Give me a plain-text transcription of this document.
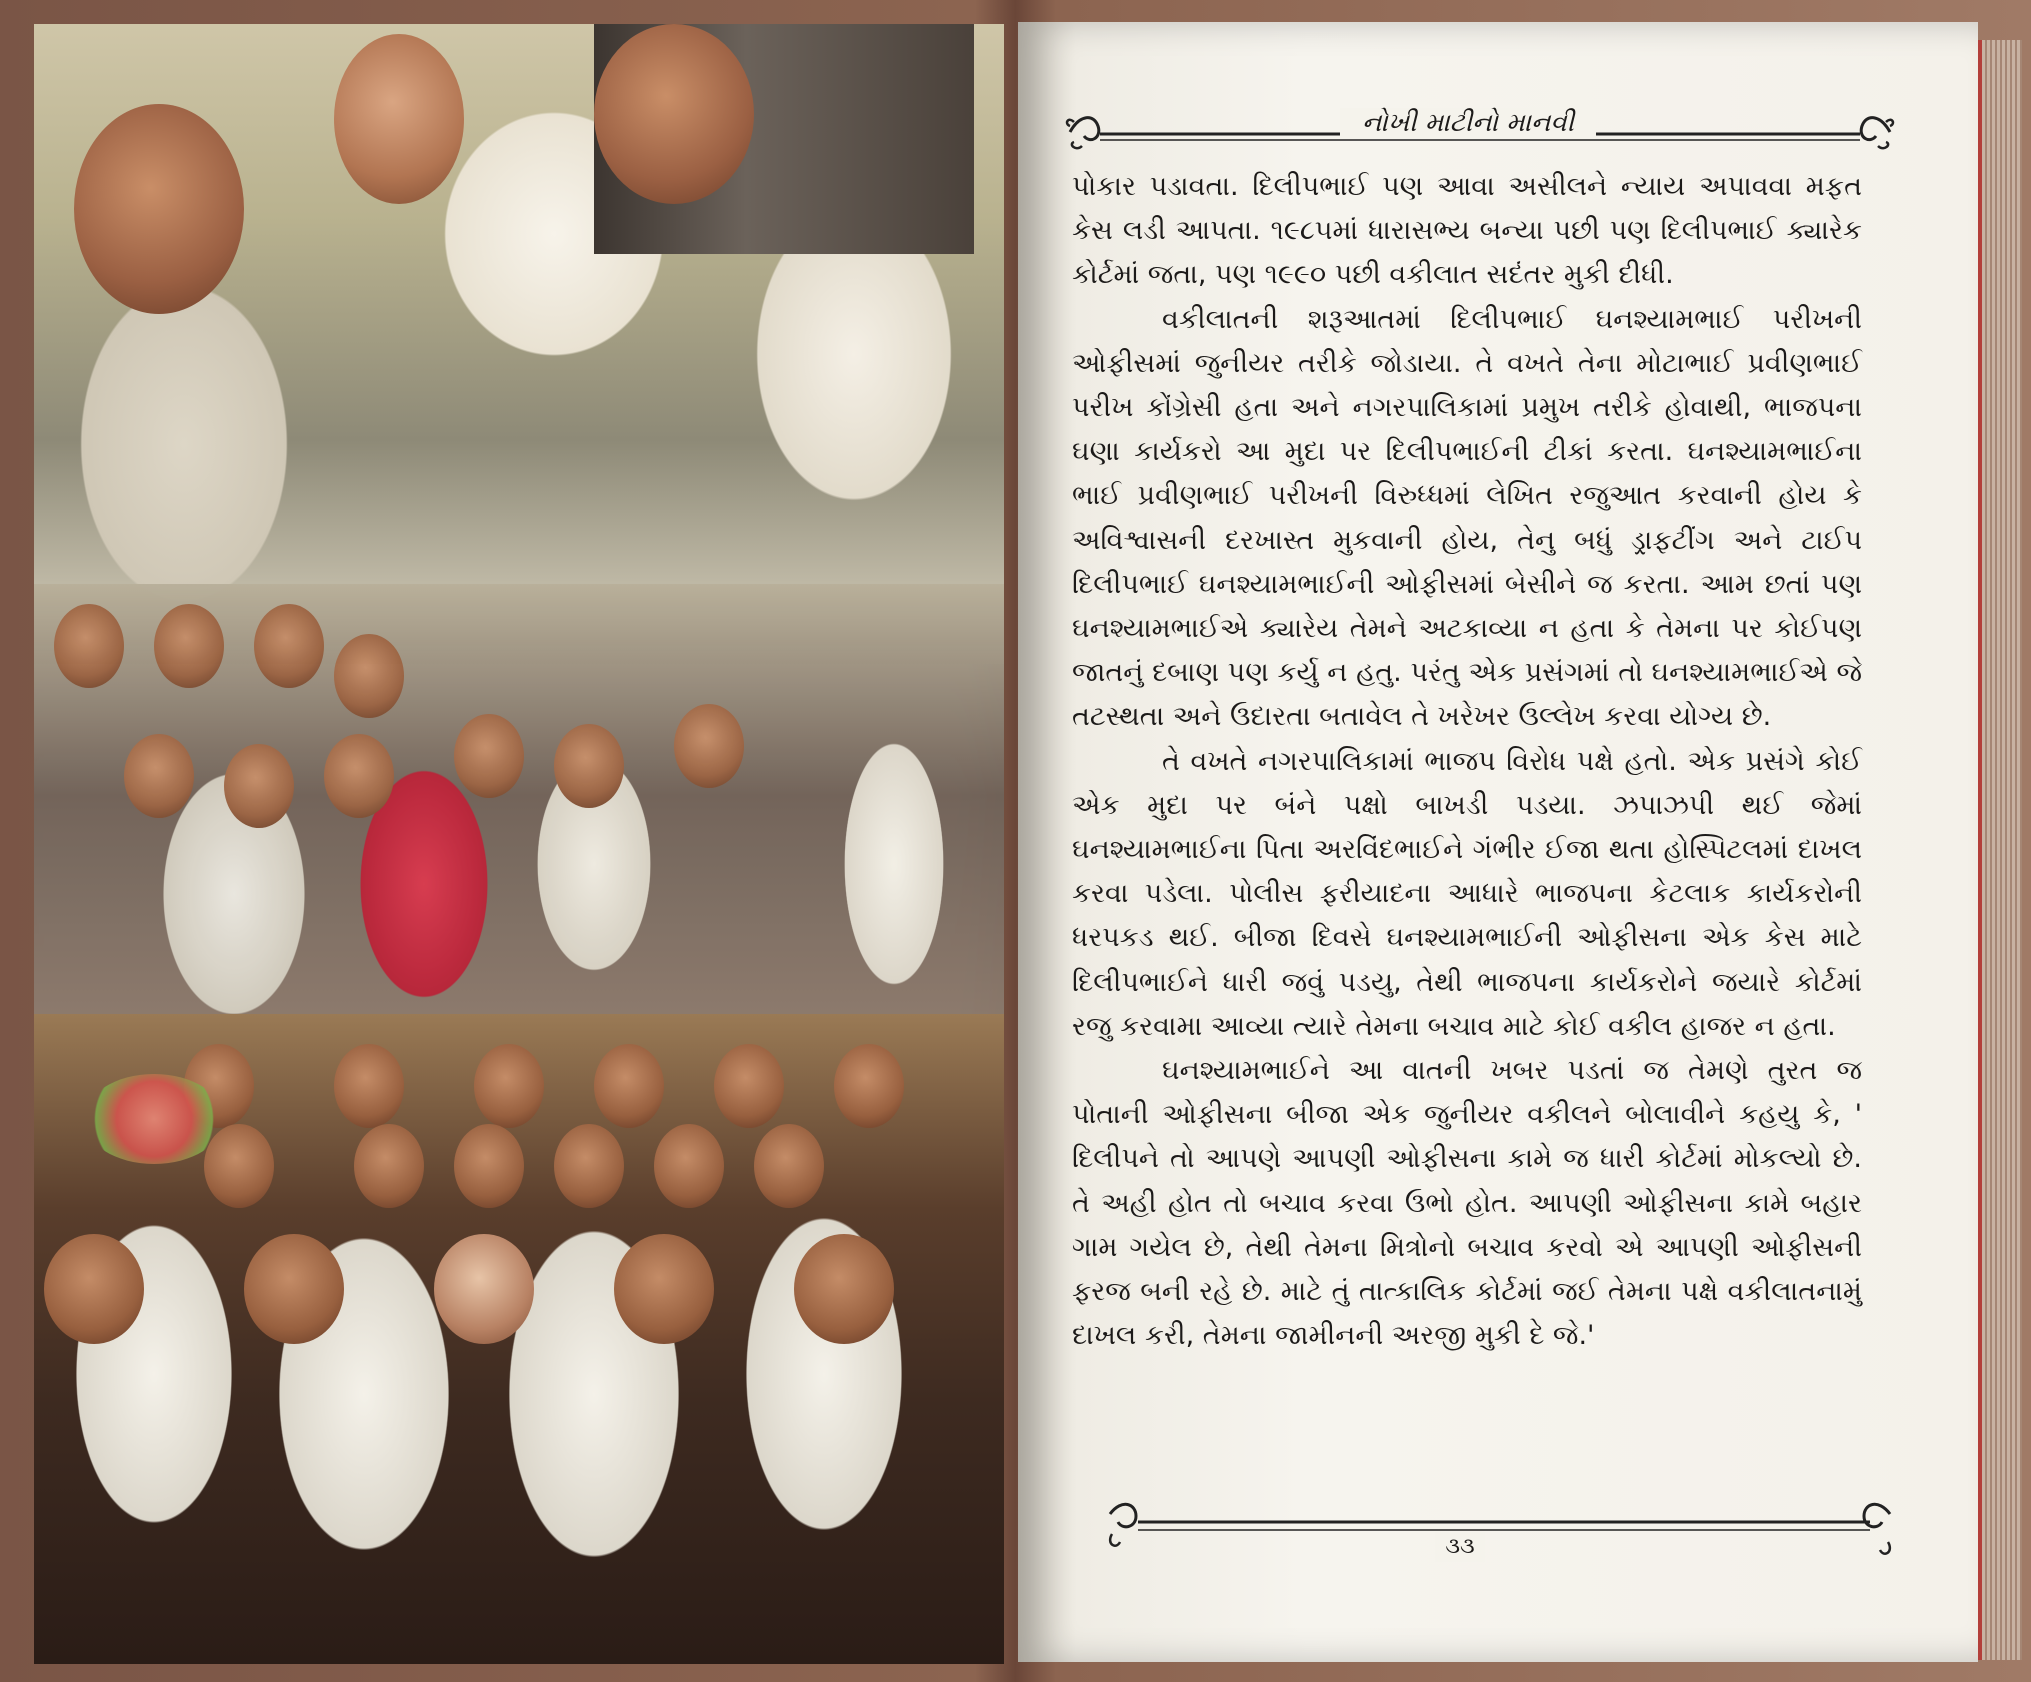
નોખી માટીનો માનવી

પોકાર પડાવતા. દિલીપભાઈ પણ આવા અસીલને ન્યાય અપાવવા મફત કેસ લડી આપતા. ૧૯૮૫માં ધારાસભ્ય બન્યા પછી પણ દિલીપભાઈ ક્યારેક કોર્ટમાં જતા, પણ ૧૯૯૦ પછી વકીલાત સદંતર મુકી દીધી.

વકીલાતની શરૂઆતમાં દિલીપભાઈ ઘનશ્યામભાઈ પરીખની ઓફીસમાં જુનીયર તરીકે જોડાયા. તે વખતે તેના મોટાભાઈ પ્રવીણભાઈ પરીખ કોંગ્રેસી હતા અને નગરપાલિકામાં પ્રમુખ તરીકે હોવાથી, ભાજપના ઘણા કાર્યકરો આ મુદા પર દિલીપભાઈની ટીકાં કરતા. ઘનશ્યામભાઈના ભાઈ પ્રવીણભાઈ પરીખની વિરુધ્ધમાં લેખિત રજુઆત કરવાની હોય કે અવિશ્વાસની દરખાસ્ત મુકવાની હોય, તેનુ બધું ડ્રાફટીંગ અને ટાઈપ દિલીપભાઈ ઘનશ્યામભાઈની ઓફીસમાં બેસીને જ કરતા. આમ છતાં પણ ઘનશ્યામભાઈએ ક્યારેય તેમને અટકાવ્યા ન હતા કે તેમના પર કોઈપણ જાતનું દબાણ પણ કર્યુ ન હતુ. પરંતુ એક પ્રસંગમાં તો ઘનશ્યામભાઈએ જે તટસ્થતા અને ઉદારતા બતાવેલ તે ખરેખર ઉલ્લેખ કરવા યોગ્ય છે.

તે વખતે નગરપાલિકામાં ભાજપ વિરોધ પક્ષે હતો. એક પ્રસંગે કોઈ એક મુદા પર બંને પક્ષો બાખડી પડયા. ઝપાઝપી થઈ જેમાં ઘનશ્યામભાઈના પિતા અરવિંદભાઈને ગંભીર ઈજા થતા હોસ્પિટલમાં દાખલ કરવા પડેલા. પોલીસ ફરીયાદના આધારે ભાજપના કેટલાક કાર્યકરોની ધરપકડ થઈ. બીજા દિવસે ઘનશ્યામભાઈની ઓફીસના એક કેસ માટે દિલીપભાઈને ધારી જવું પડયુ, તેથી ભાજપના કાર્યકરોને જયારે કોર્ટમાં રજુ કરવામા આવ્યા ત્યારે તેમના બચાવ માટે કોઈ વકીલ હાજર ન હતા.

ઘનશ્યામભાઈને આ વાતની ખબર પડતાં જ તેમણે તુરત જ પોતાની ઓફીસના બીજા એક જુનીયર વકીલને બોલાવીને કહયુ કે, ' દિલીપને તો આપણે આપણી ઓફીસના કામે જ ધારી કોર્ટમાં મોકલ્યો છે. તે અહી હોત તો બચાવ કરવા ઉભો હોત. આપણી ઓફીસના કામે બહાર ગામ ગયેલ છે, તેથી તેમના મિત્રોનો બચાવ કરવો એ આપણી ઓફીસની ફરજ બની રહે છે. માટે તું તાત્કાલિક કોર્ટમાં જઈ તેમના પક્ષે વકીલાતનામું દાખલ કરી, તેમના જામીનની અરજી મુકી દે જે.'

૩૩
